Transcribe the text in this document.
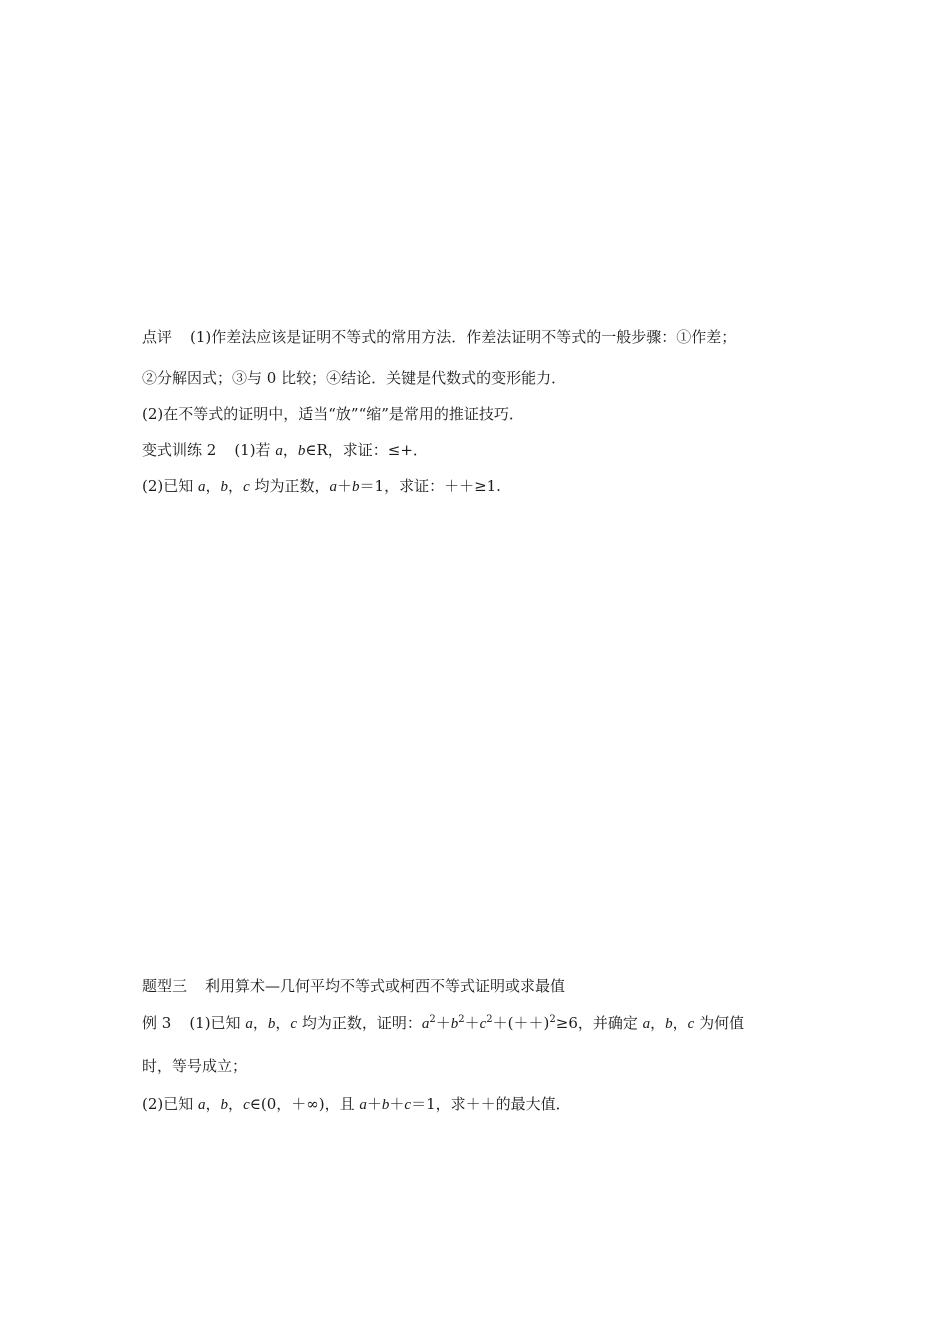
点评 (1)作差法应该是证明不等式的常用方法．作差法证明不等式的一般步骤：①作差；
②分解因式；③与 0 比较；④结论．关键是代数式的变形能力．
(2)在不等式的证明中，适当“放”“缩”是常用的推证技巧．
变式训练 2 (1)若 a，b∈R，求证：≤+．
(2)已知 a，b，c 均为正数，a＋b＝1，求证：＋＋≥1.
题型三 利用算术—几何平均不等式或柯西不等式证明或求最值
例 3 (1)已知 a，b，c 均为正数，证明：$a^2+b^2+c^2+(++)^2\ge 6$，并确定 a，b，c 为何值
时，等号成立；
(2)已知 a，b，c∈(0，＋∞)，且 a＋b＋c＝1，求＋＋的最大值．
